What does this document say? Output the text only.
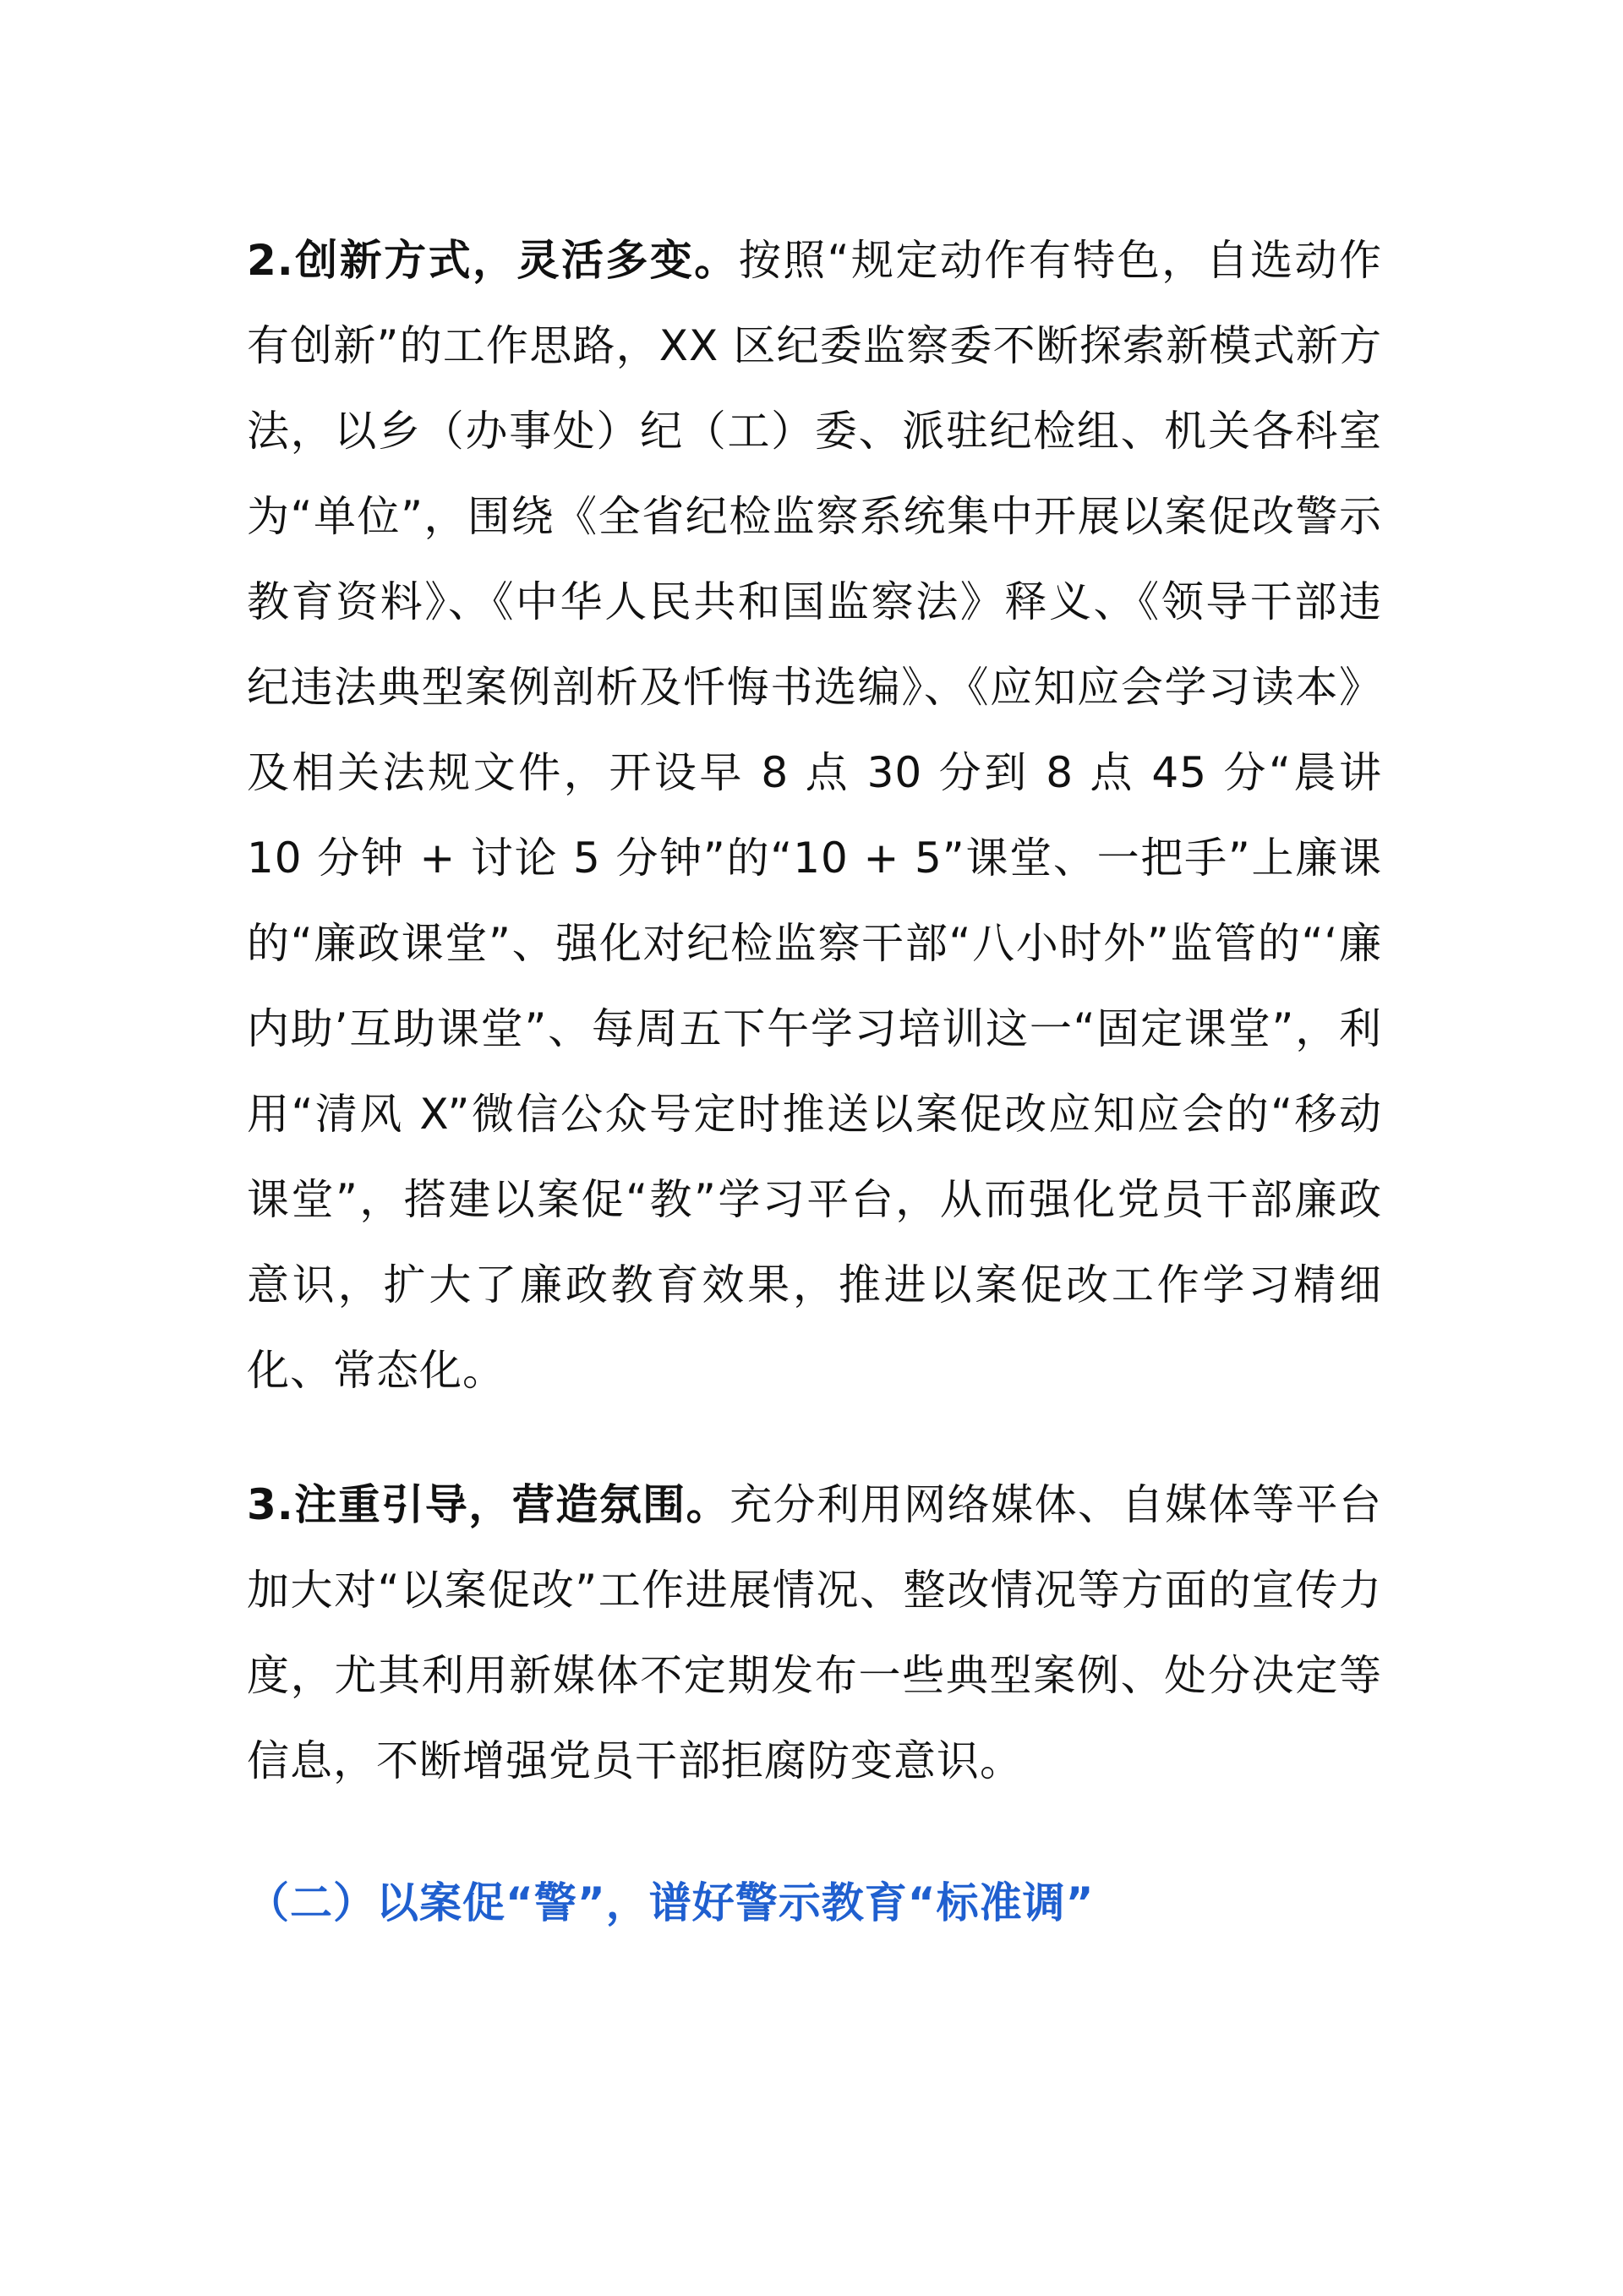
2.创新方式，灵活多变。按照“规定动作有特色，自选动作有创新”的工作思路，XX 区纪委监察委不断探索新模式新方法，以乡（办事处）纪（工）委、派驻纪检组、机关各科室为“单位”，围绕《全省纪检监察系统集中开展以案促改警示教育资料》、《中华人民共和国监察法》释义、《领导干部违纪违法典型案例剖析及忏悔书选编》、《应知应会学习读本》及相关法规文件，开设早 8 点 30 分到 8 点 45 分“晨讲 10 分钟 + 讨论 5 分钟”的“10 + 5”课堂、一把手”上廉课的“廉政课堂”、强化对纪检监察干部“八小时外”监管的“‘廉内助’互助课堂”、每周五下午学习培训这一“固定课堂”，利用“清风 X”微信公众号定时推送以案促改应知应会的“移动课堂”，搭建以案促“教”学习平台，从而强化党员干部廉政意识，扩大了廉政教育效果，推进以案促改工作学习精细化、常态化。

3.注重引导，营造氛围。充分利用网络媒体、自媒体等平台加大对“以案促改”工作进展情况、整改情况等方面的宣传力度，尤其利用新媒体不定期发布一些典型案例、处分决定等信息，不断增强党员干部拒腐防变意识。

（二）以案促“警”，谱好警示教育“标准调”
